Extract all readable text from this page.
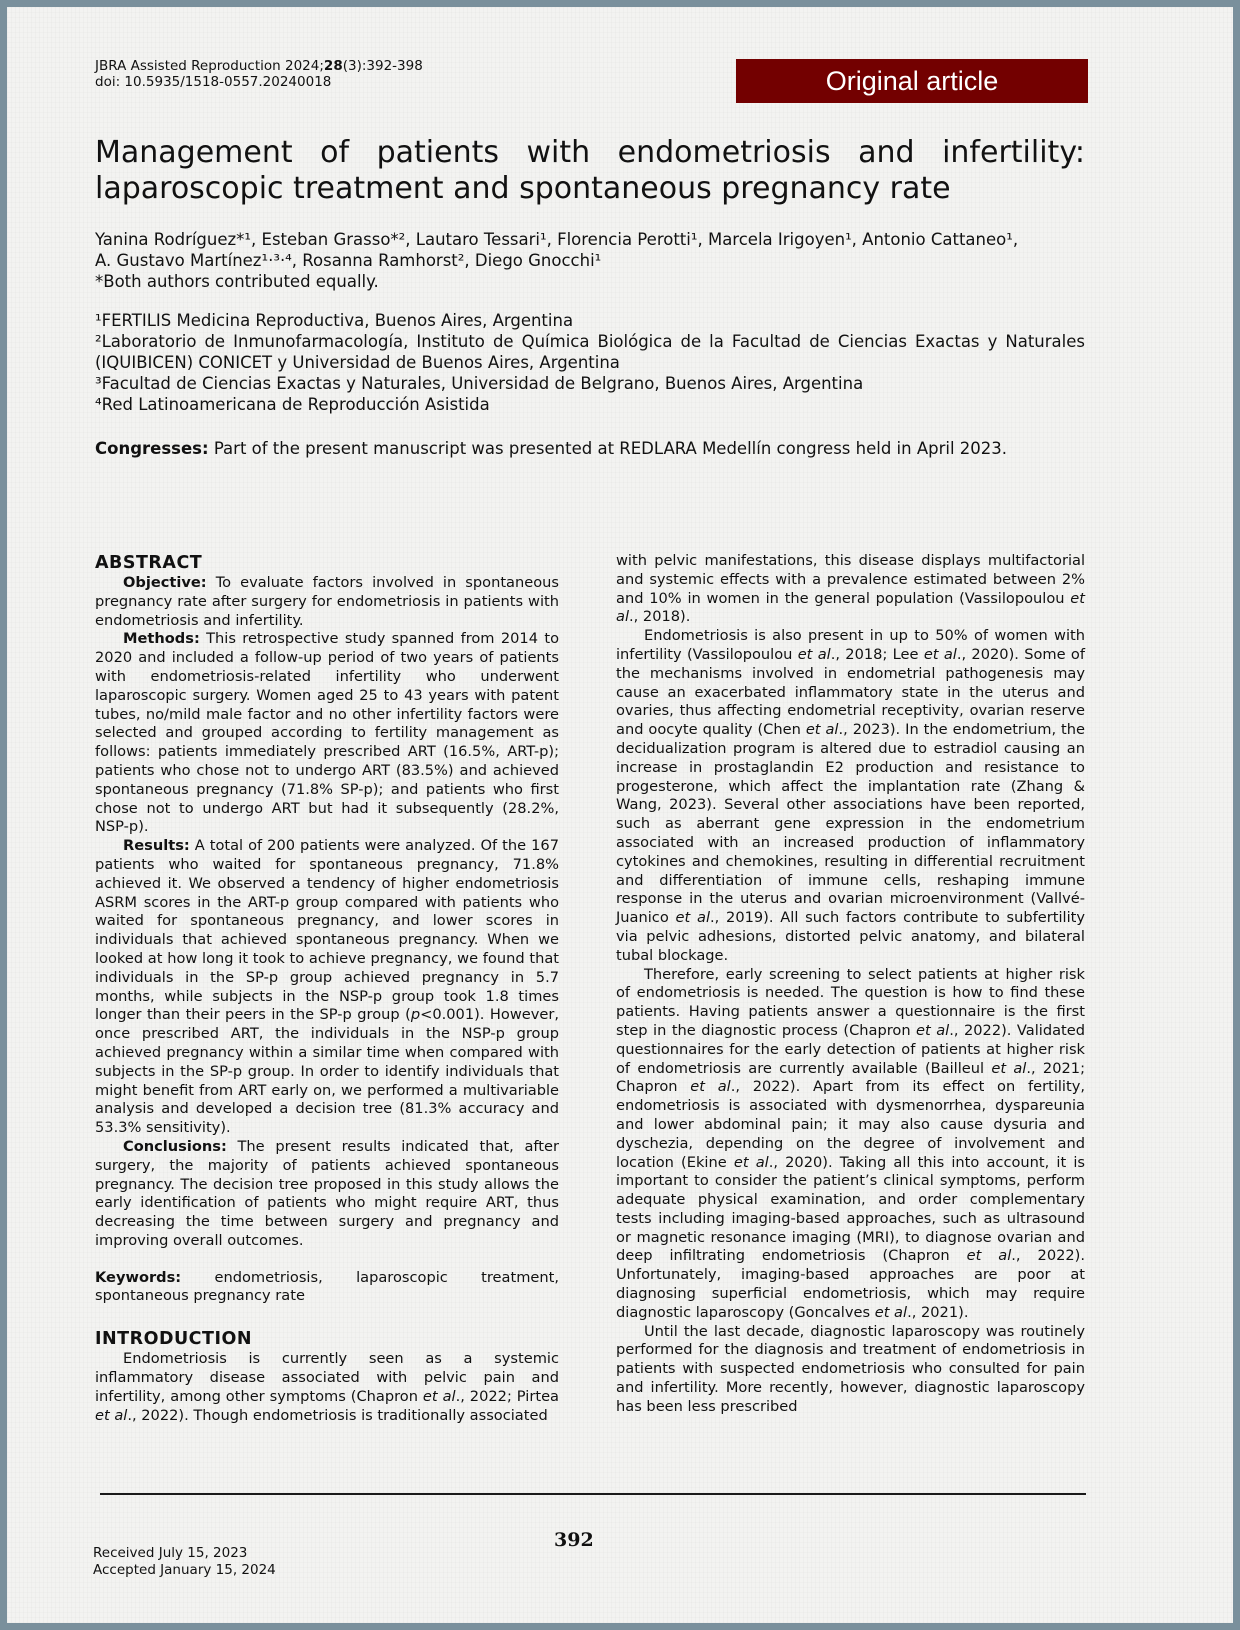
JBRA Assisted Reproduction 2024;28(3):392-398
doi: 10.5935/1518-0557.20240018	Original article
Management of patients with endometriosis and infertility: laparoscopic treatment and spontaneous pregnancy rate
Yanina Rodríguez*¹, Esteban Grasso*², Lautaro Tessari¹, Florencia Perotti¹, Marcela Irigoyen¹, Antonio Cattaneo¹,
A. Gustavo Martínez¹·³·⁴, Rosanna Ramhorst², Diego Gnocchi¹
*Both authors contributed equally.

¹FERTILIS Medicina Reproductiva, Buenos Aires, Argentina

²Laboratorio de Inmunofarmacología, Instituto de Química Biológica de la Facultad de Ciencias Exactas y Naturales (IQUIBICEN) CONICET y Universidad de Buenos Aires, Argentina

³Facultad de Ciencias Exactas y Naturales, Universidad de Belgrano, Buenos Aires, Argentina

⁴Red Latinoamericana de Reproducción Asistida

Congresses: Part of the present manuscript was presented at REDLARA Medellín congress held in April 2023.

ABSTRACT

Objective: To evaluate factors involved in spontaneous pregnancy rate after surgery for endometriosis in patients with endometriosis and infertility.

Methods: This retrospective study spanned from 2014 to 2020 and included a follow-up period of two years of patients with endometriosis-related infertility who underwent laparoscopic surgery. Women aged 25 to 43 years with patent tubes, no/mild male factor and no other infertility factors were selected and grouped according to fertility management as follows: patients immediately prescribed ART (16.5%, ART-p); patients who chose not to undergo ART (83.5%) and achieved spontaneous pregnancy (71.8% SP-p); and patients who first chose not to undergo ART but had it subsequently (28.2%, NSP-p).

Results: A total of 200 patients were analyzed. Of the 167 patients who waited for spontaneous pregnancy, 71.8% achieved it. We observed a tendency of higher endometriosis ASRM scores in the ART-p group compared with patients who waited for spontaneous pregnancy, and lower scores in individuals that achieved spontaneous pregnancy. When we looked at how long it took to achieve pregnancy, we found that individuals in the SP-p group achieved pregnancy in 5.7 months, while subjects in the NSP-p group took 1.8 times longer than their peers in the SP-p group (p<0.001). However, once prescribed ART, the individuals in the NSP-p group achieved pregnancy within a similar time when compared with subjects in the SP-p group. In order to identify individuals that might benefit from ART early on, we performed a multivariable analysis and developed a decision tree (81.3% accuracy and 53.3% sensitivity).

Conclusions: The present results indicated that, after surgery, the majority of patients achieved spontaneous pregnancy. The decision tree proposed in this study allows the early identification of patients who might require ART, thus decreasing the time between surgery and pregnancy and improving overall outcomes.

Keywords: endometriosis, laparoscopic treatment, spontaneous pregnancy rate

INTRODUCTION

Endometriosis is currently seen as a systemic inflammatory disease associated with pelvic pain and infertility, among other symptoms (Chapron et al., 2022; Pirtea et al., 2022). Though endometriosis is traditionally associated

with pelvic manifestations, this disease displays multifactorial and systemic effects with a prevalence estimated between 2% and 10% in women in the general population (Vassilopoulou et al., 2018).

Endometriosis is also present in up to 50% of women with infertility (Vassilopoulou et al., 2018; Lee et al., 2020). Some of the mechanisms involved in endometrial pathogenesis may cause an exacerbated inflammatory state in the uterus and ovaries, thus affecting endometrial receptivity, ovarian reserve and oocyte quality (Chen et al., 2023). In the endometrium, the decidualization program is altered due to estradiol causing an increase in prostaglandin E2 production and resistance to progesterone, which affect the implantation rate (Zhang & Wang, 2023). Several other associations have been reported, such as aberrant gene expression in the endometrium associated with an increased production of inflammatory cytokines and chemokines, resulting in differential recruitment and differentiation of immune cells, reshaping immune response in the uterus and ovarian microenvironment (Vallvé-Juanico et al., 2019). All such factors contribute to subfertility via pelvic adhesions, distorted pelvic anatomy, and bilateral tubal blockage.

Therefore, early screening to select patients at higher risk of endometriosis is needed. The question is how to find these patients. Having patients answer a questionnaire is the first step in the diagnostic process (Chapron et al., 2022). Validated questionnaires for the early detection of patients at higher risk of endometriosis are currently available (Bailleul et al., 2021; Chapron et al., 2022). Apart from its effect on fertility, endometriosis is associated with dysmenorrhea, dyspareunia and lower abdominal pain; it may also cause dysuria and dyschezia, depending on the degree of involvement and location (Ekine et al., 2020). Taking all this into account, it is important to consider the patient’s clinical symptoms, perform adequate physical examination, and order complementary tests including imaging-based approaches, such as ultrasound or magnetic resonance imaging (MRI), to diagnose ovarian and deep infiltrating endometriosis (Chapron et al., 2022). Unfortunately, imaging-based approaches are poor at diagnosing superficial endometriosis, which may require diagnostic laparoscopy (Goncalves et al., 2021).

Until the last decade, diagnostic laparoscopy was routinely performed for the diagnosis and treatment of endometriosis in patients with suspected endometriosis who consulted for pain and infertility. More recently, however, diagnostic laparoscopy has been less prescribed

392
Received July 15, 2023
Accepted January 15, 2024
